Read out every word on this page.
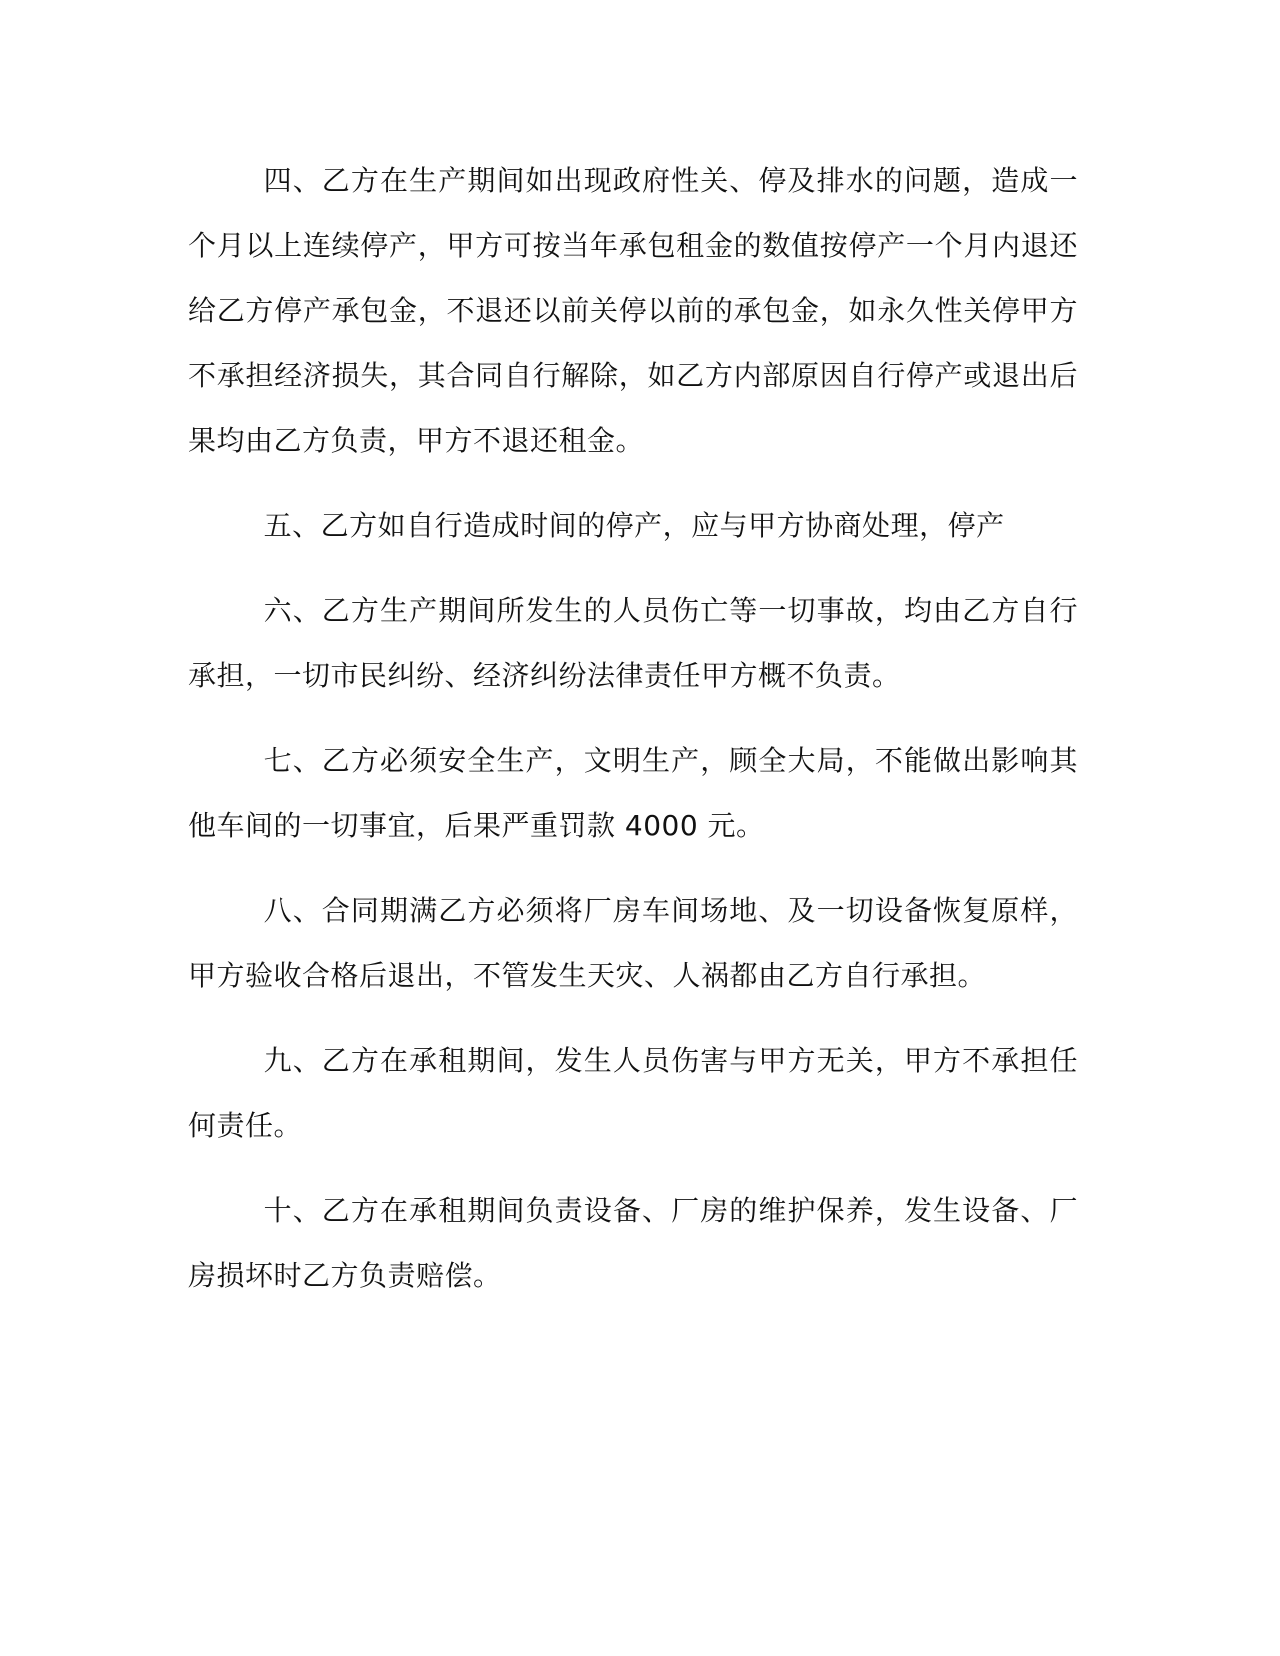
四、乙方在生产期间如出现政府性关、停及排水的问题，造成一个月以上连续停产，甲方可按当年承包租金的数值按停产一个月内退还给乙方停产承包金，不退还以前关停以前的承包金，如永久性关停甲方不承担经济损失，其合同自行解除，如乙方内部原因自行停产或退出后果均由乙方负责，甲方不退还租金。

五、乙方如自行造成时间的停产，应与甲方协商处理，停产

六、乙方生产期间所发生的人员伤亡等一切事故，均由乙方自行承担，一切市民纠纷、经济纠纷法律责任甲方概不负责。

七、乙方必须安全生产，文明生产，顾全大局，不能做出影响其他车间的一切事宜，后果严重罚款 4000 元。

八、合同期满乙方必须将厂房车间场地、及一切设备恢复原样，甲方验收合格后退出，不管发生天灾、人祸都由乙方自行承担。

九、乙方在承租期间，发生人员伤害与甲方无关，甲方不承担任何责任。

十、乙方在承租期间负责设备、厂房的维护保养，发生设备、厂房损坏时乙方负责赔偿。
